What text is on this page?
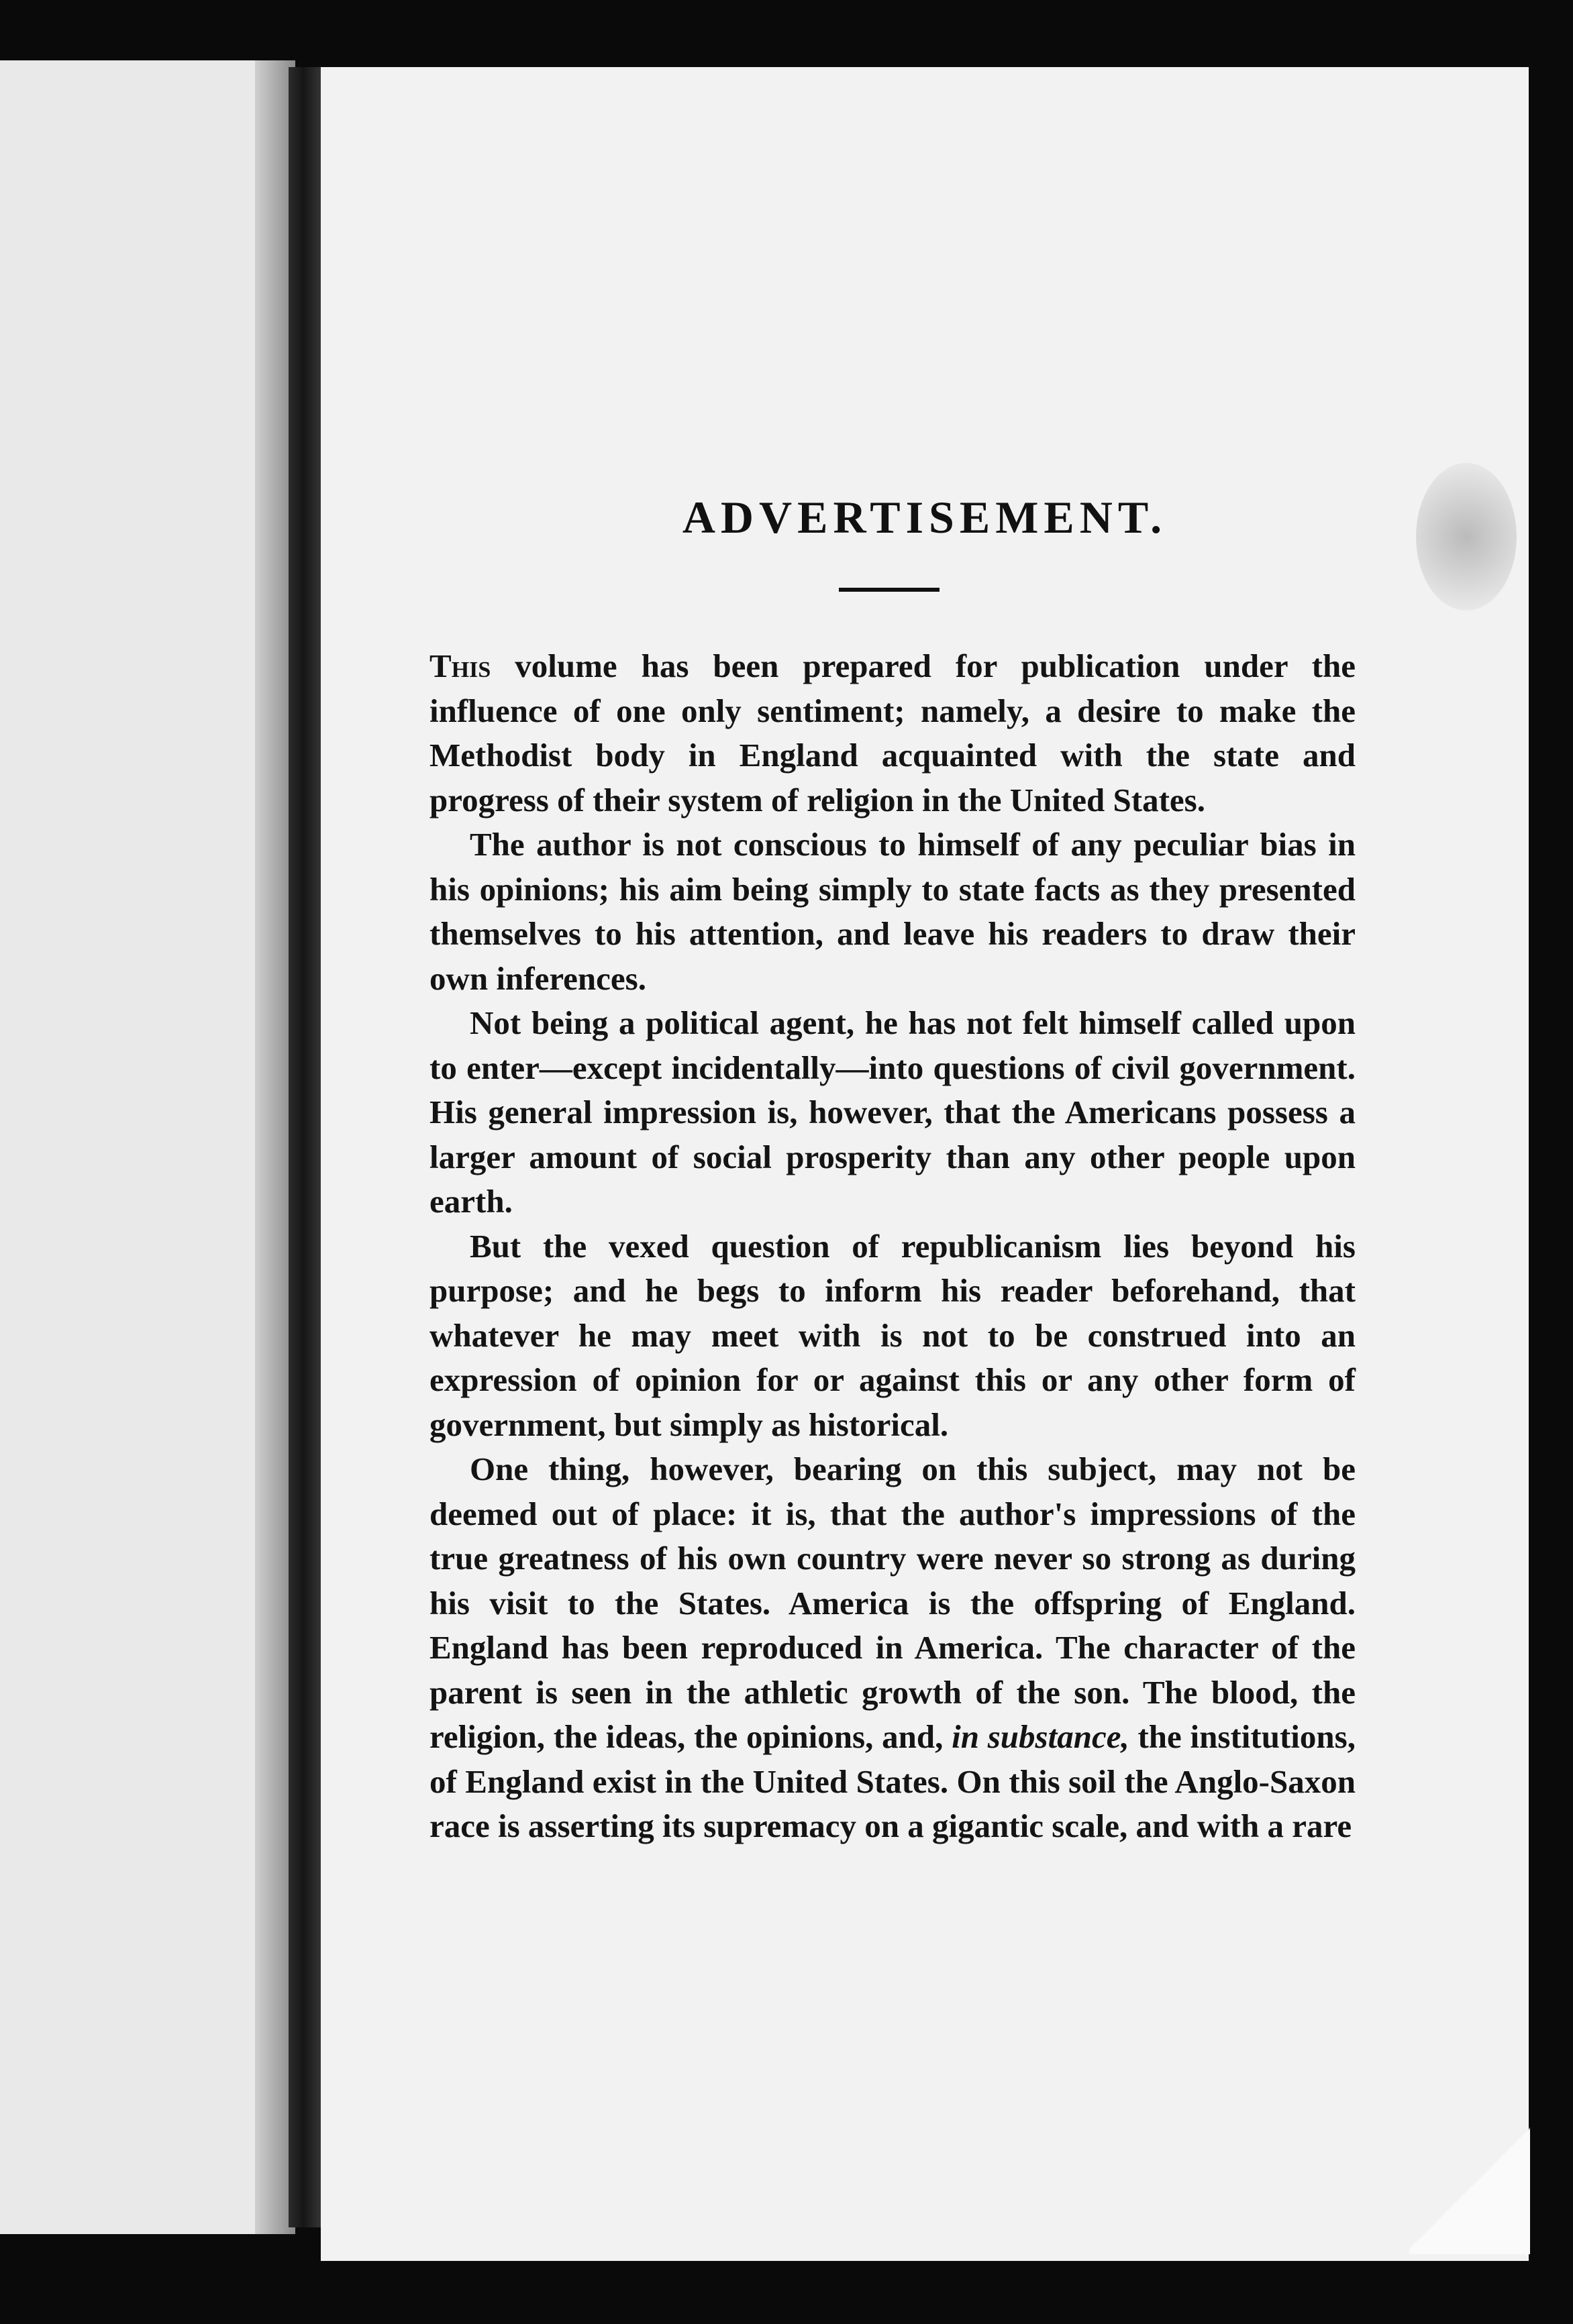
ADVERTISEMENT.

This volume has been prepared for publication under the influence of one only sentiment; namely, a desire to make the Methodist body in England acquainted with the state and progress of their system of religion in the United States.

The author is not conscious to himself of any peculiar bias in his opinions; his aim being simply to state facts as they presented themselves to his attention, and leave his readers to draw their own inferences.

Not being a political agent, he has not felt himself called upon to enter—except incidentally—into questions of civil government. His general impression is, however, that the Americans possess a larger amount of social prosperity than any other people upon earth.

But the vexed question of republicanism lies beyond his purpose; and he begs to inform his reader beforehand, that whatever he may meet with is not to be construed into an expression of opinion for or against this or any other form of government, but simply as historical.

One thing, however, bearing on this subject, may not be deemed out of place: it is, that the author's impressions of the true greatness of his own country were never so strong as during his visit to the States. America is the offspring of England. England has been reproduced in America. The character of the parent is seen in the athletic growth of the son. The blood, the religion, the ideas, the opinions, and, in substance, the institutions, of England exist in the United States. On this soil the Anglo-Saxon race is asserting its supremacy on a gigantic scale, and with a rare
